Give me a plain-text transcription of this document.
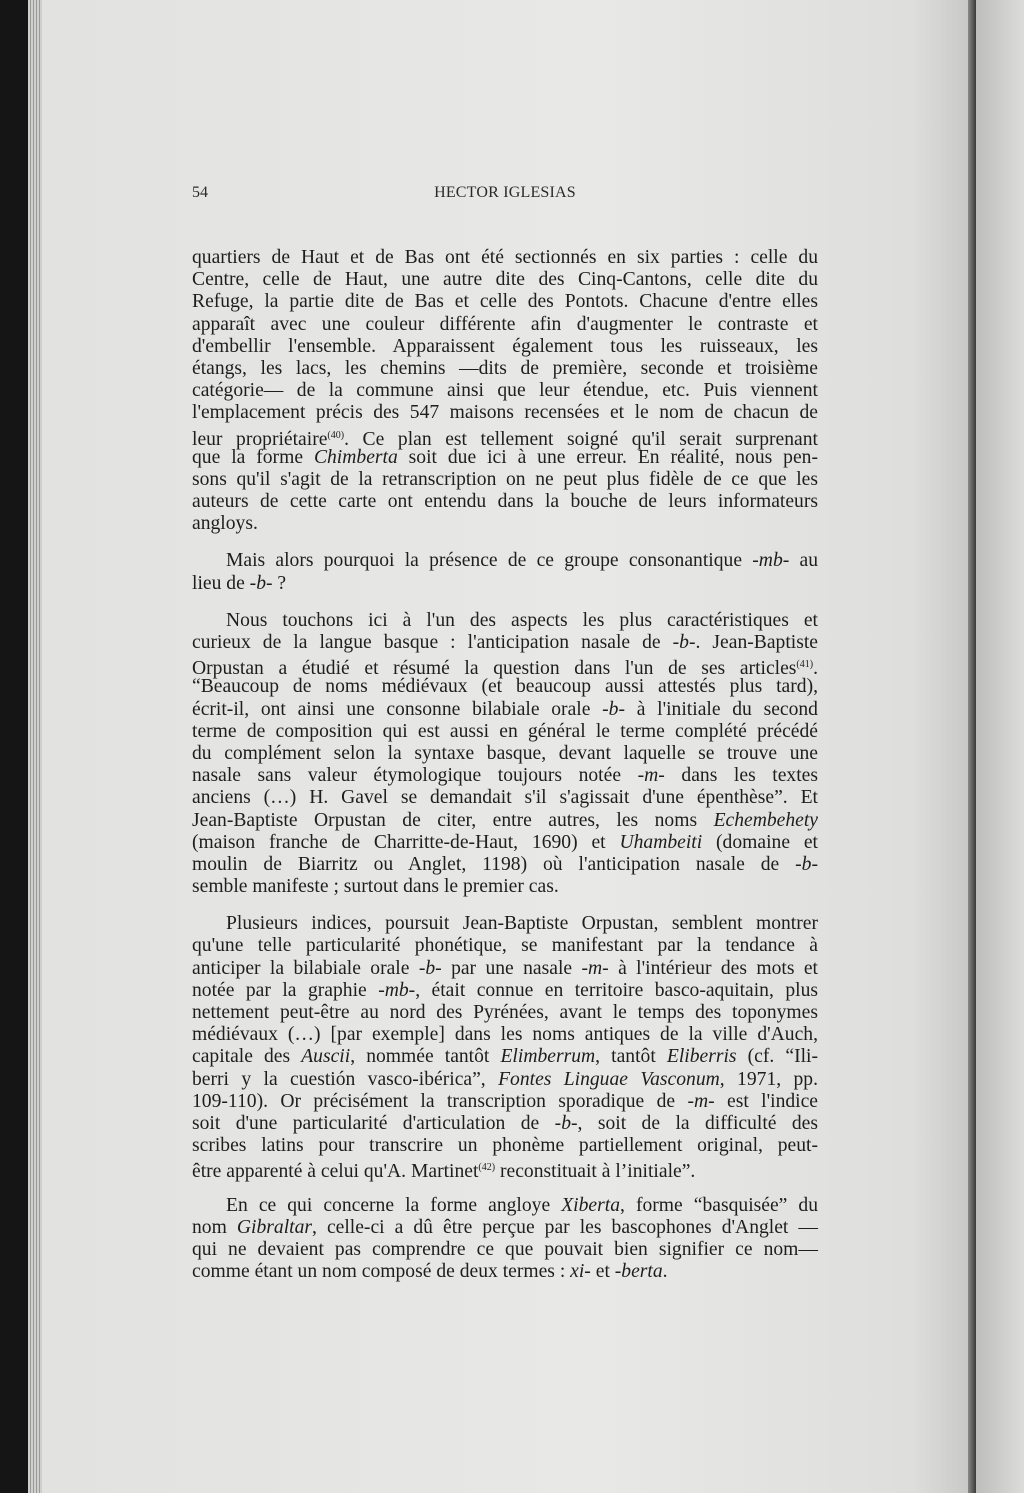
54	HECTOR IGLESIAS
quartiers de Haut et de Bas ont été sectionnés en six parties : celle du
Centre, celle de Haut, une autre dite des Cinq-Cantons, celle dite du
Refuge, la partie dite de Bas et celle des Pontots. Chacune d'entre elles
apparaît avec une couleur différente afin d'augmenter le contraste et
d'embellir l'ensemble. Apparaissent également tous les ruisseaux, les
étangs, les lacs, les chemins —dits de première, seconde et troisième
catégorie— de la commune ainsi que leur étendue, etc. Puis viennent
l'emplacement précis des 547 maisons recensées et le nom de chacun de
leur propriétaire$^{(40)}$. Ce plan est tellement soigné qu'il serait surprenant
que la forme Chimberta soit due ici à une erreur. En réalité, nous pen-
sons qu'il s'agit de la retranscription on ne peut plus fidèle de ce que les
auteurs de cette carte ont entendu dans la bouche de leurs informateurs
angloys.
Mais alors pourquoi la présence de ce groupe consonantique -mb- au
lieu de -b- ?
Nous touchons ici à l'un des aspects les plus caractéristiques et
curieux de la langue basque : l'anticipation nasale de -b-. Jean-Baptiste
Orpustan a étudié et résumé la question dans l'un de ses articles$^{(41)}$.
“Beaucoup de noms médiévaux (et beaucoup aussi attestés plus tard),
écrit-il, ont ainsi une consonne bilabiale orale -b- à l'initiale du second
terme de composition qui est aussi en général le terme complété précédé
du complément selon la syntaxe basque, devant laquelle se trouve une
nasale sans valeur étymologique toujours notée -m- dans les textes
anciens (…) H. Gavel se demandait s'il s'agissait d'une épenthèse”. Et
Jean-Baptiste Orpustan de citer, entre autres, les noms Echembehety
(maison franche de Charritte-de-Haut, 1690) et Uhambeiti (domaine et
moulin de Biarritz ou Anglet, 1198) où l'anticipation nasale de -b-
semble manifeste ; surtout dans le premier cas.
Plusieurs indices, poursuit Jean-Baptiste Orpustan, semblent montrer
qu'une telle particularité phonétique, se manifestant par la tendance à
anticiper la bilabiale orale -b- par une nasale -m- à l'intérieur des mots et
notée par la graphie -mb-, était connue en territoire basco-aquitain, plus
nettement peut-être au nord des Pyrénées, avant le temps des toponymes
médiévaux (…) [par exemple] dans les noms antiques de la ville d'Auch,
capitale des Auscii, nommée tantôt Elimberrum, tantôt Eliberris (cf. “Ili-
berri y la cuestión vasco-ibérica”, Fontes Linguae Vasconum, 1971, pp.
109-110). Or précisément la transcription sporadique de -m- est l'indice
soit d'une particularité d'articulation de -b-, soit de la difficulté des
scribes latins pour transcrire un phonème partiellement original, peut-
être apparenté à celui qu'A. Martinet$^{(42)}$ reconstituait à l’initiale”.
En ce qui concerne la forme angloye Xiberta, forme “basquisée” du
nom Gibraltar, celle-ci a dû être perçue par les bascophones d'Anglet —
qui ne devaient pas comprendre ce que pouvait bien signifier ce nom—
comme étant un nom composé de deux termes : xi- et -berta.
